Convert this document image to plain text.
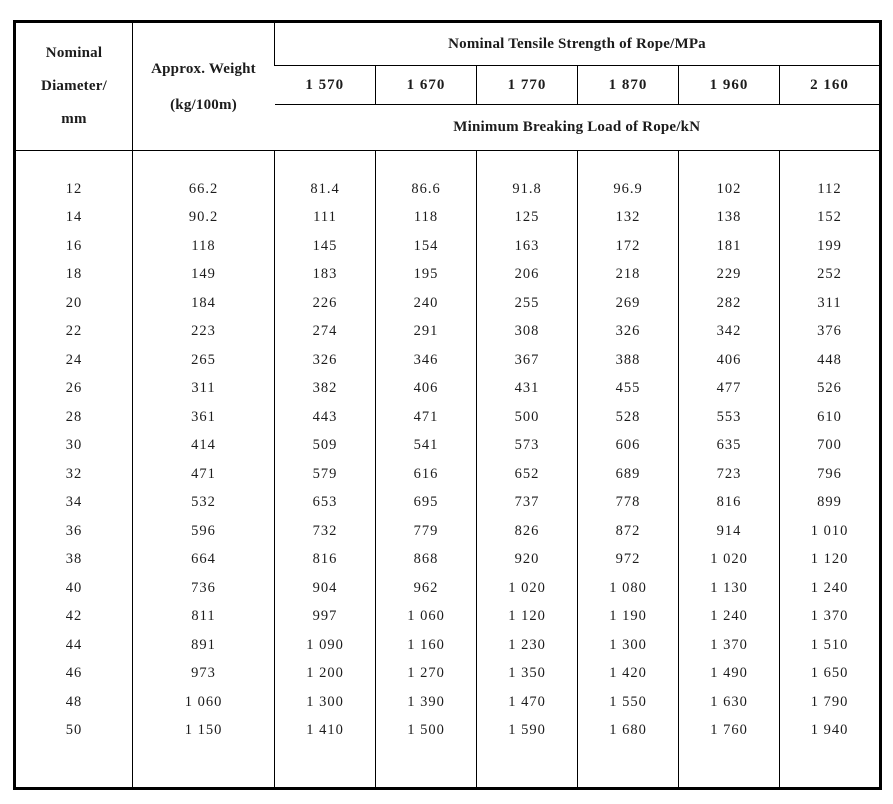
Nominal
Diameter/
mm

Approx. Weight
(kg/100m)
	Nominal Tensile Strength of Rope/MPa
		1 570	1 670	1 770	1 870	1 960	2 160
		Minimum Breaking Load of Rope/kN					

12	66.2	81.4	86.6	91.8	96.9	102	112
14	90.2	111	118	125	132	138	152
16	118	145	154	163	172	181	199
18	149	183	195	206	218	229	252
20	184	226	240	255	269	282	311
22	223	274	291	308	326	342	376
24	265	326	346	367	388	406	448
26	311	382	406	431	455	477	526
28	361	443	471	500	528	553	610
30	414	509	541	573	606	635	700
32	471	579	616	652	689	723	796
34	532	653	695	737	778	816	899
36	596	732	779	826	872	914	1 010
38	664	816	868	920	972	1 020	1 120
40	736	904	962	1 020	1 080	1 130	1 240
42	811	997	1 060	1 120	1 190	1 240	1 370
44	891	1 090	1 160	1 230	1 300	1 370	1 510
46	973	1 200	1 270	1 350	1 420	1 490	1 650
48	1 060	1 300	1 390	1 470	1 550	1 630	1 790
50	1 150	1 410	1 500	1 590	1 680	1 760	1 940
